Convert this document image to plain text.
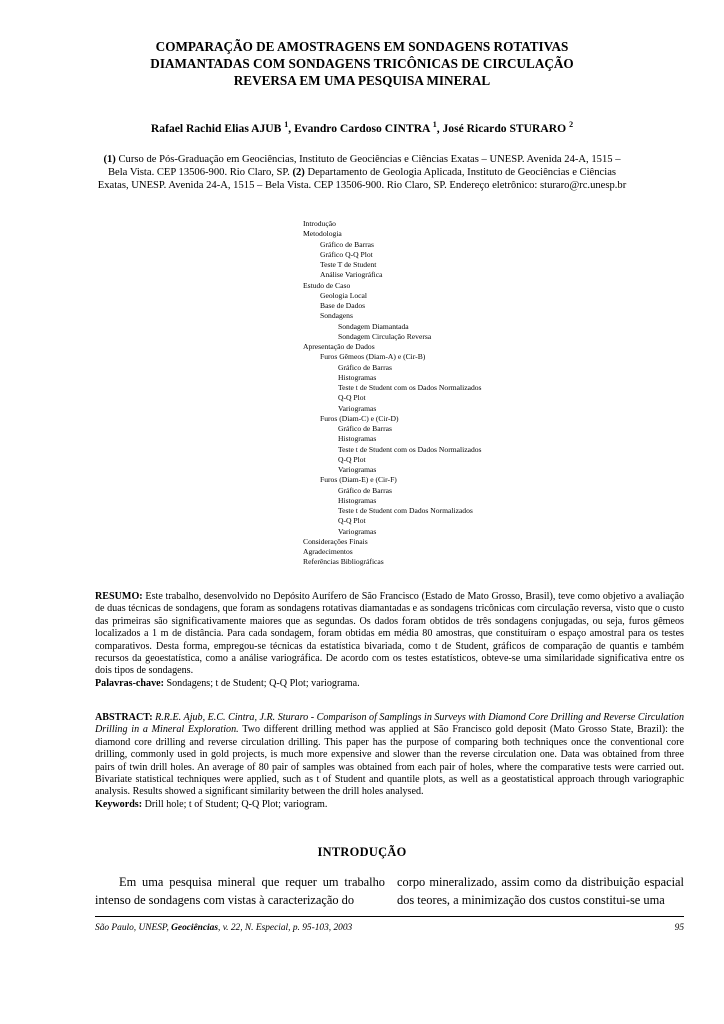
COMPARAÇÃO DE AMOSTRAGENS EM SONDAGENS ROTATIVAS
DIAMANTADAS COM SONDAGENS TRICÔNICAS DE CIRCULAÇÃO
REVERSA EM UMA PESQUISA MINERAL
Rafael Rachid Elias AJUB $^1$, Evandro Cardoso CINTRA $^1$, José Ricardo STURARO $^2$
(1) Curso de Pós-Graduação em Geociências, Instituto de Geociências e Ciências Exatas – UNESP. Avenida 24-A, 1515 – Bela Vista. CEP 13506-900. Rio Claro, SP. (2) Departamento de Geologia Aplicada, Instituto de Geociências e Ciências Exatas, UNESP. Avenida 24-A, 1515 – Bela Vista. CEP 13506-900. Rio Claro, SP. Endereço eletrônico: sturaro@rc.unesp.br
Introdução
Metodologia
Gráfico de Barras
Gráfico Q-Q Plot
Teste T de Student
Análise Variográfica
Estudo de Caso
Geologia Local
Base de Dados
Sondagens
Sondagem Diamantada
Sondagem Circulação Reversa
Apresentação de Dados
Furos Gêmeos (Diam-A) e (Cir-B)
Gráfico de Barras
Histogramas
Teste t de Student com os Dados Normalizados
Q-Q Plot
Variogramas
Furos (Diam-C) e (Cir-D)
Gráfico de Barras
Histogramas
Teste t de Student com os Dados Normalizados
Q-Q Plot
Variogramas
Furos (Diam-E) e (Cir-F)
Gráfico de Barras
Histogramas
Teste t de Student com Dados Normalizados
Q-Q Plot
Variogramas
Considerações Finais
Agradecimentos
Referências Bibliográficas
RESUMO: Este trabalho, desenvolvido no Depósito Aurífero de São Francisco (Estado de Mato Grosso, Brasil), teve como objetivo a avaliação de duas técnicas de sondagens, que foram as sondagens rotativas diamantadas e as sondagens tricônicas com circulação reversa, visto que o custo das primeiras são significativamente maiores que as segundas. Os dados foram obtidos de três sondagens conjugadas, ou seja, furos gêmeos localizados a 1 m de distância. Para cada sondagem, foram obtidas em média 80 amostras, que constituíram o espaço amostral para os testes comparativos. Desta forma, empregou-se técnicas da estatística bivariada, como t de Student, gráficos de comparação de quantis e também recursos da geoestatística, como a análise variográfica. De acordo com os testes estatísticos, obteve-se uma similaridade significativa entre os dois tipos de sondagens.
Palavras-chave: Sondagens; t de Student; Q-Q Plot; variograma.
ABSTRACT: R.R.E. Ajub, E.C. Cintra, J.R. Sturaro - Comparison of Samplings in Surveys with Diamond Core Drilling and Reverse Circulation Drilling in a Mineral Exploration. Two different drilling method was applied at São Francisco gold deposit (Mato Grosso State, Brazil): the diamond core drilling and reverse circulation drilling. This paper has the purpose of comparing both techniques once the conventional core drilling, commonly used in gold projects, is much more expensive and slower than the reverse circulation one. Data was obtained from three pairs of twin drill holes. An average of 80 pair of samples was obtained from each pair of holes, where the comparative tests were carried out. Bivariate statistical techniques were applied, such as t of Student and quantile plots, as well as a geostatistical approach through variographic analysis. Results showed a significant similarity between the drill holes analysed.
Keywords: Drill hole; t of Student; Q-Q Plot; variogram.
INTRODUÇÃO
Em uma pesquisa mineral que requer um trabalho intenso de sondagens com vistas à caracterização do
corpo mineralizado, assim como da distribuição espacial dos teores, a minimização dos custos constitui-se uma
São Paulo, UNESP, Geociências, v. 22, N. Especial, p. 95-103, 2003	95
